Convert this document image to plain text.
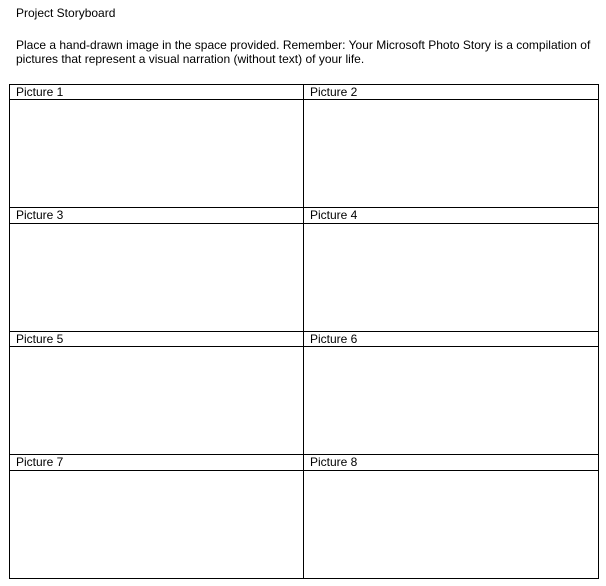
Project Storyboard
Place a hand-drawn image in the space provided. Remember: Your Microsoft Photo Story is a compilation of pictures that represent a visual narration (without text) of your life.
Picture 1	Picture 2

Picture 3	Picture 4

Picture 5	Picture 6

Picture 7	Picture 8
